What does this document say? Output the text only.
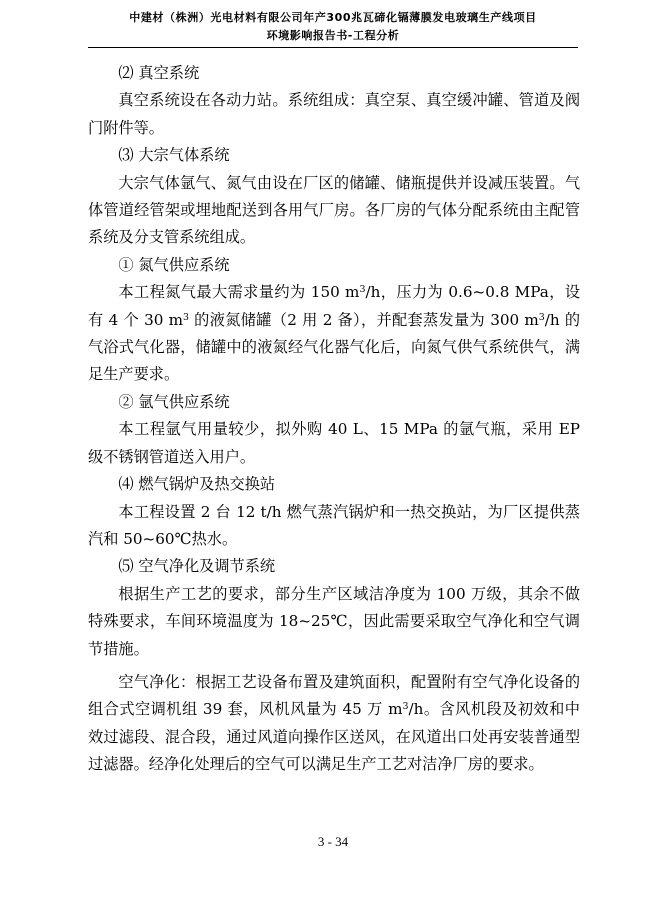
中建材（株洲）光电材料有限公司年产300兆瓦碲化镉薄膜发电玻璃生产线项目
环境影响报告书-工程分析

⑵ 真空系统

真空系统设在各动力站。系统组成：真空泵、真空缓冲罐、管道及阀门附件等。

⑶ 大宗气体系统

大宗气体氩气、氮气由设在厂区的储罐、储瓶提供并设减压装置。气体管道经管架或埋地配送到各用气厂房。各厂房的气体分配系统由主配管系统及分支管系统组成。

① 氮气供应系统

本工程氮气最大需求量约为 150 $m^3/h$，压力为 0.6~0.8 MPa，设有 4 个 30 $m^3$ 的液氮储罐（2 用 2 备），并配套蒸发量为 300 $m^3/h$ 的气浴式气化器，储罐中的液氮经气化器气化后，向氮气供气系统供气，满足生产要求。

② 氩气供应系统

本工程氩气用量较少，拟外购 40 L、15 MPa 的氩气瓶，采用 EP 级不锈钢管道送入用户。

⑷ 燃气锅炉及热交换站

本工程设置 2 台 12 t/h 燃气蒸汽锅炉和一热交换站，为厂区提供蒸汽和 50~60℃热水。

⑸ 空气净化及调节系统

根据生产工艺的要求，部分生产区域洁净度为 100 万级，其余不做特殊要求，车间环境温度为 18~25℃，因此需要采取空气净化和空气调节措施。

空气净化：根据工艺设备布置及建筑面积，配置附有空气净化设备的组合式空调机组 39 套，风机风量为 45 万 $m^3/h$。含风机段及初效和中效过滤段、混合段，通过风道向操作区送风，在风道出口处再安装普通型过滤器。经净化处理后的空气可以满足生产工艺对洁净厂房的要求。

3 - 34
